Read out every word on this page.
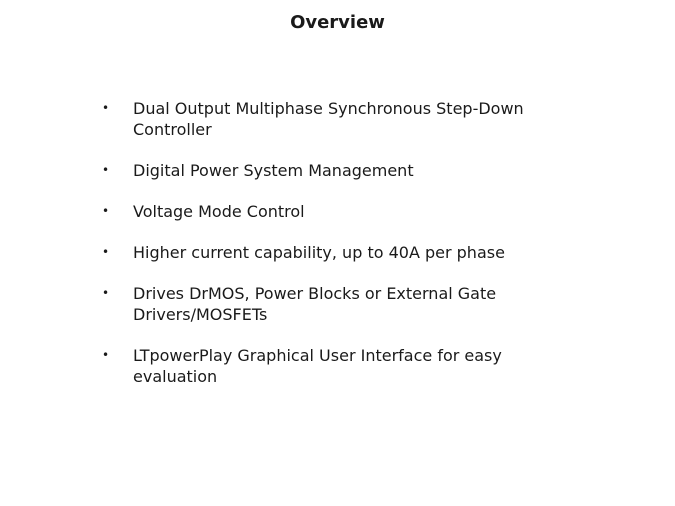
Overview
•	Dual Output Multiphase Synchronous Step-Down Controller
•	Digital Power System Management
•	Voltage Mode Control
•	Higher current capability, up to 40A per phase
•	Drives DrMOS, Power Blocks or External Gate Drivers/MOSFETs
•	LTpowerPlay Graphical User Interface for easy evaluation
